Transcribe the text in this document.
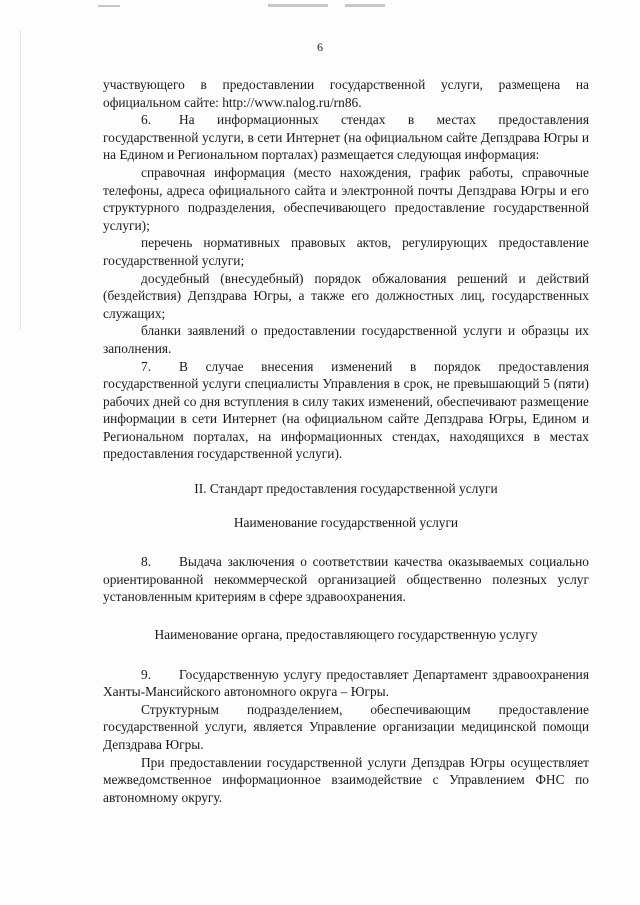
6

участвующего в предоставлении государственной услуги, размещена на официальном сайте: http://www.nalog.ru/rn86.

6. На информационных стендах в местах предоставления государственной услуги, в сети Интернет (на официальном сайте Депздрава Югры и на Едином и Региональном порталах) размещается следующая информация:

справочная информация (место нахождения, график работы, справочные телефоны, адреса официального сайта и электронной почты Депздрава Югры и его структурного подразделения, обеспечивающего предоставление государственной услуги);

перечень нормативных правовых актов, регулирующих предоставление государственной услуги;

досудебный (внесудебный) порядок обжалования решений и действий (бездействия) Депздрава Югры, а также его должностных лиц, государственных служащих;

бланки заявлений о предоставлении государственной услуги и образцы их заполнения.

7. В случае внесения изменений в порядок предоставления государственной услуги специалисты Управления в срок, не превышающий 5 (пяти) рабочих дней со дня вступления в силу таких изменений, обеспечивают размещение информации в сети Интернет (на официальном сайте Депздрава Югры, Едином и Региональном порталах, на информационных стендах, находящихся в местах предоставления государственной услуги).

II. Стандарт предоставления государственной услуги

Наименование государственной услуги

8. Выдача заключения о соответствии качества оказываемых социально ориентированной некоммерческой организацией общественно полезных услуг установленным критериям в сфере здравоохранения.

Наименование органа, предоставляющего государственную услугу

9. Государственную услугу предоставляет Департамент здравоохранения Ханты-Мансийского автономного округа – Югры.

Структурным подразделением, обеспечивающим предоставление государственной услуги, является Управление организации медицинской помощи Депздрава Югры.

При предоставлении государственной услуги Депздрав Югры осуществляет межведомственное информационное взаимодействие с Управлением ФНС по автономному округу.
